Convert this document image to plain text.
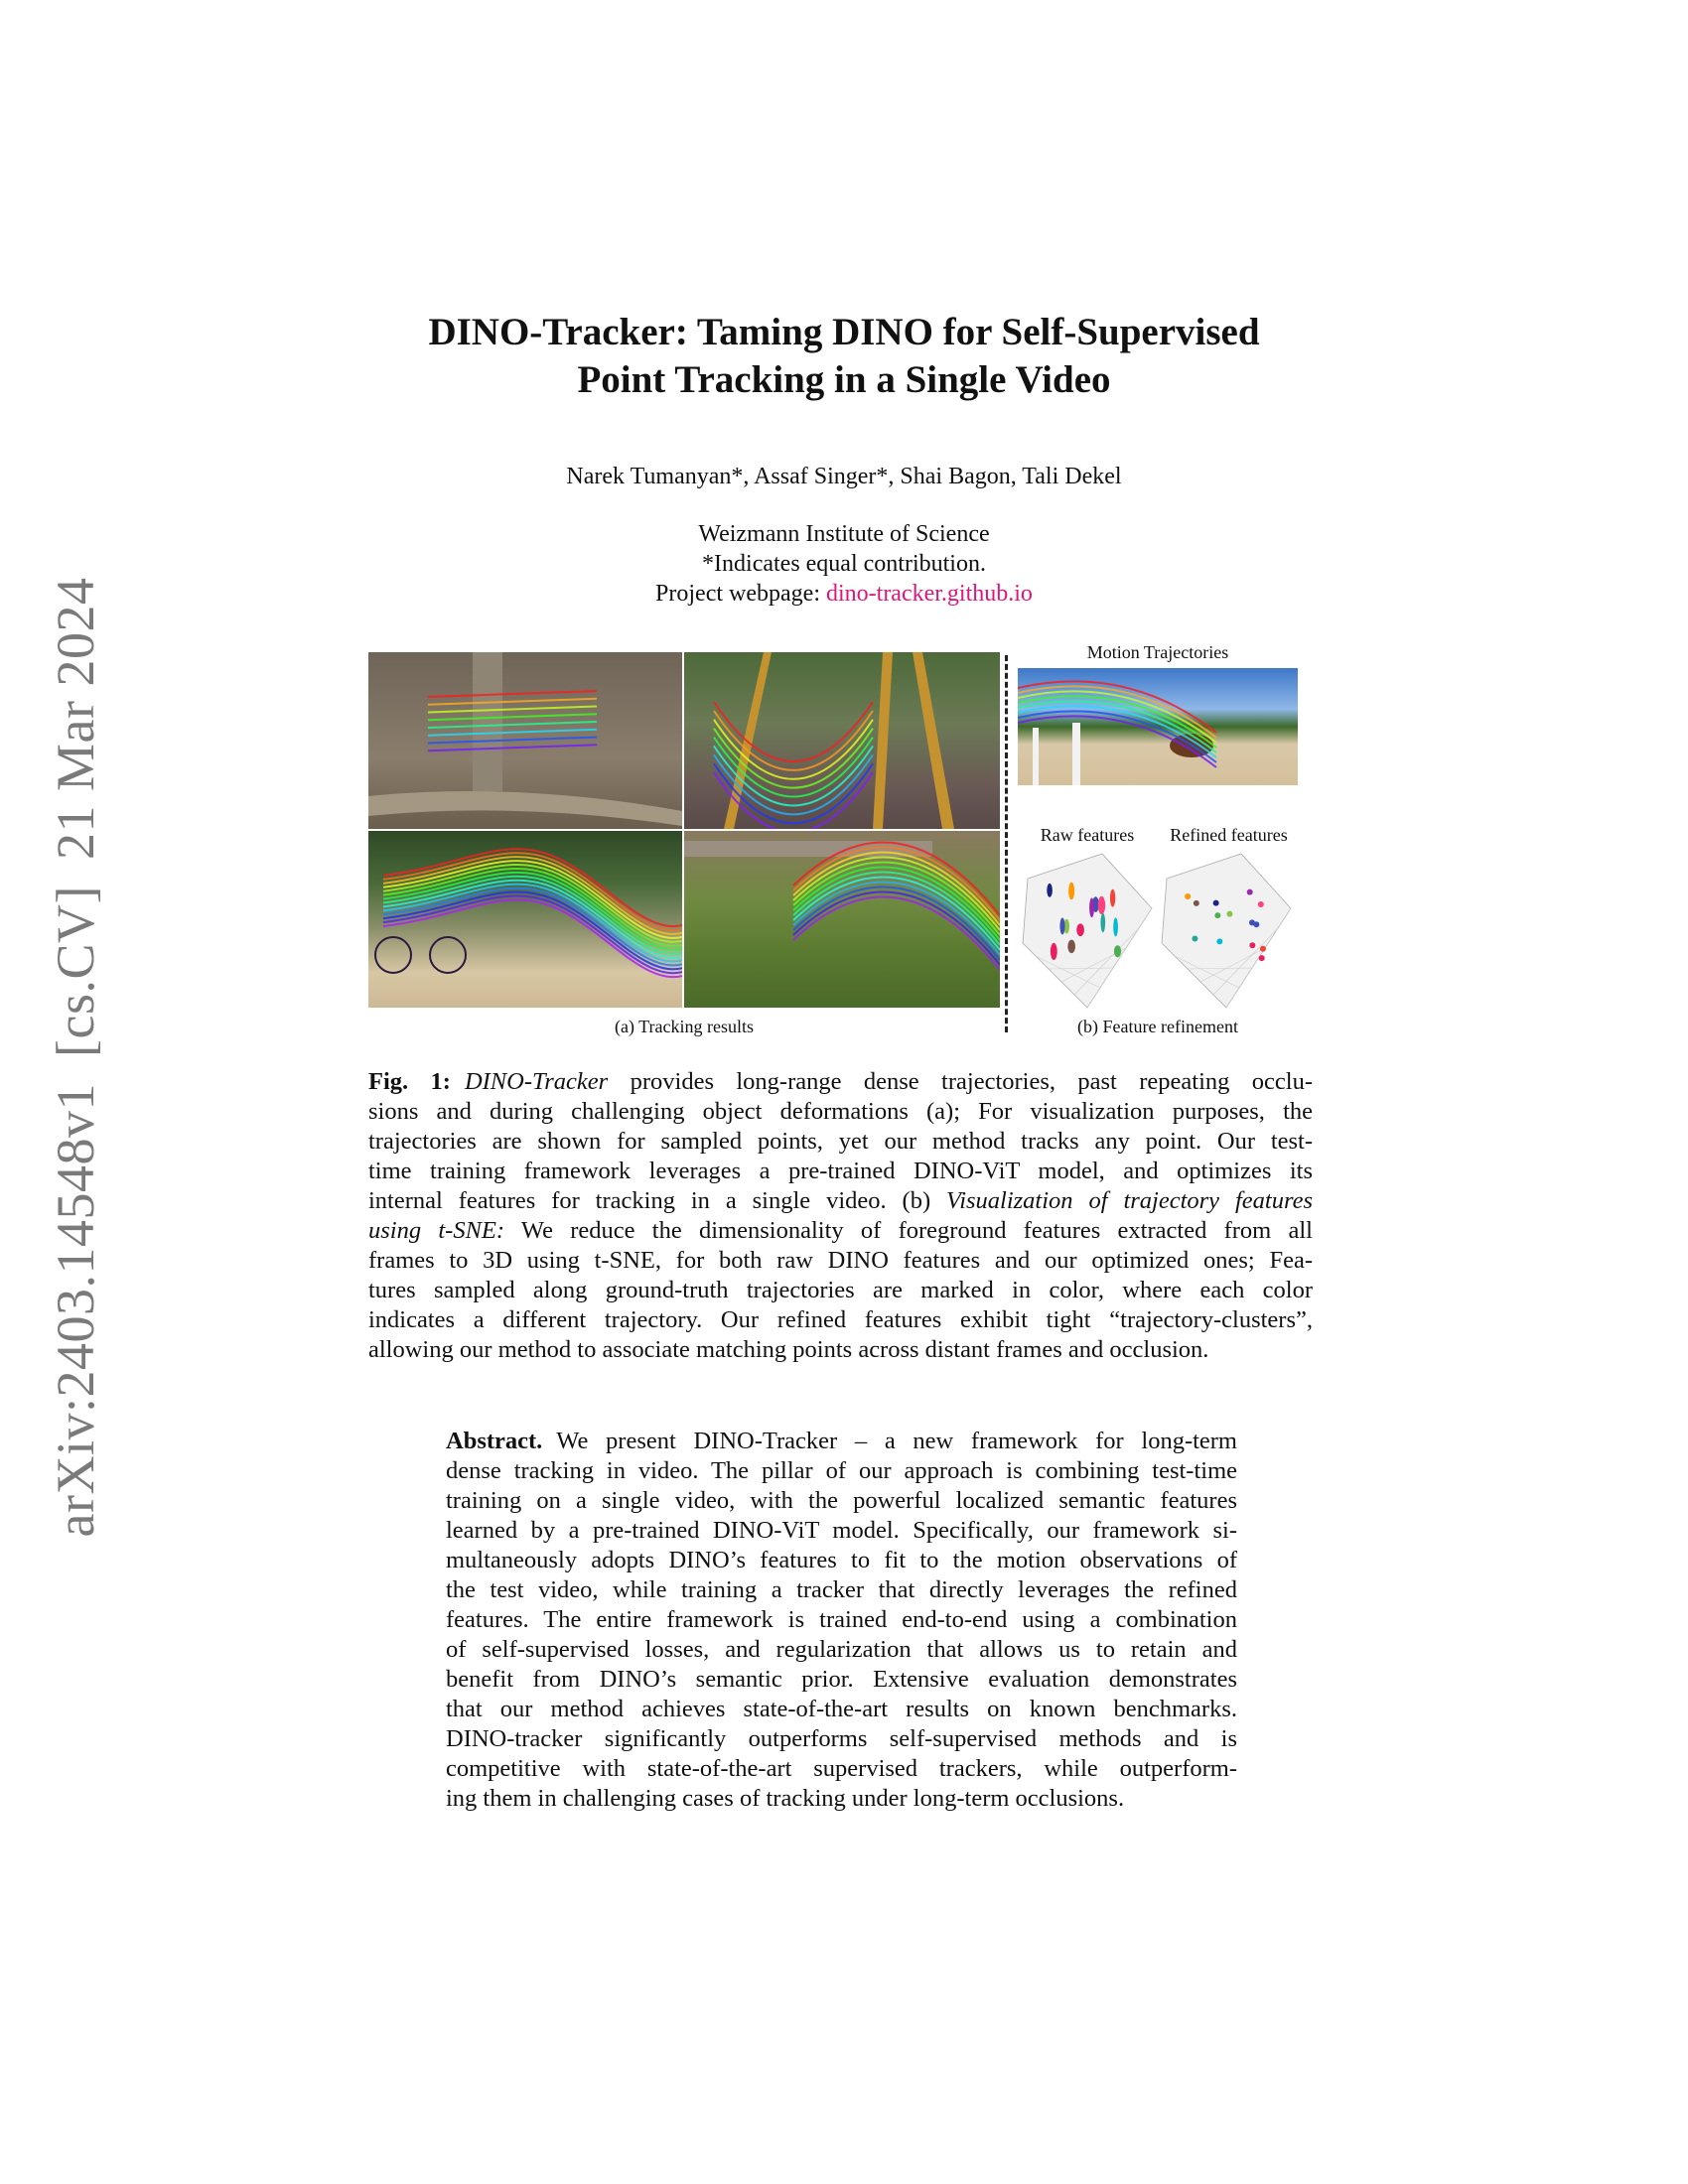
arXiv:2403.14548v1[cs.CV]21 Mar 2024
DINO-Tracker: Taming DINO for Self-Supervised
Point Tracking in a Single Video
Narek Tumanyan*, Assaf Singer*, Shai Bagon, Tali Dekel
Weizmann Institute of Science
*Indicates equal contribution.
Project webpage: dino-tracker.github.io
(a) Tracking results
Motion Trajectories
Raw features	Refined features
(b) Feature refinement
Fig. 1: DINO-Tracker provides long-range dense trajectories, past repeating occlu-
sions and during challenging object deformations (a); For visualization purposes, the
trajectories are shown for sampled points, yet our method tracks any point. Our test-
time training framework leverages a pre-trained DINO-ViT model, and optimizes its
internal features for tracking in a single video. (b) Visualization of trajectory features
using t-SNE: We reduce the dimensionality of foreground features extracted from all
frames to 3D using t-SNE, for both raw DINO features and our optimized ones; Fea-
tures sampled along ground-truth trajectories are marked in color, where each color
indicates a different trajectory. Our refined features exhibit tight “trajectory-clusters”,
allowing our method to associate matching points across distant frames and occlusion.
Abstract. We present DINO-Tracker – a new framework for long-term
dense tracking in video. The pillar of our approach is combining test-time
training on a single video, with the powerful localized semantic features
learned by a pre-trained DINO-ViT model. Specifically, our framework si-
multaneously adopts DINO’s features to fit to the motion observations of
the test video, while training a tracker that directly leverages the refined
features. The entire framework is trained end-to-end using a combination
of self-supervised losses, and regularization that allows us to retain and
benefit from DINO’s semantic prior. Extensive evaluation demonstrates
that our method achieves state-of-the-art results on known benchmarks.
DINO-tracker significantly outperforms self-supervised methods and is
competitive with state-of-the-art supervised trackers, while outperform-
ing them in challenging cases of tracking under long-term occlusions.
